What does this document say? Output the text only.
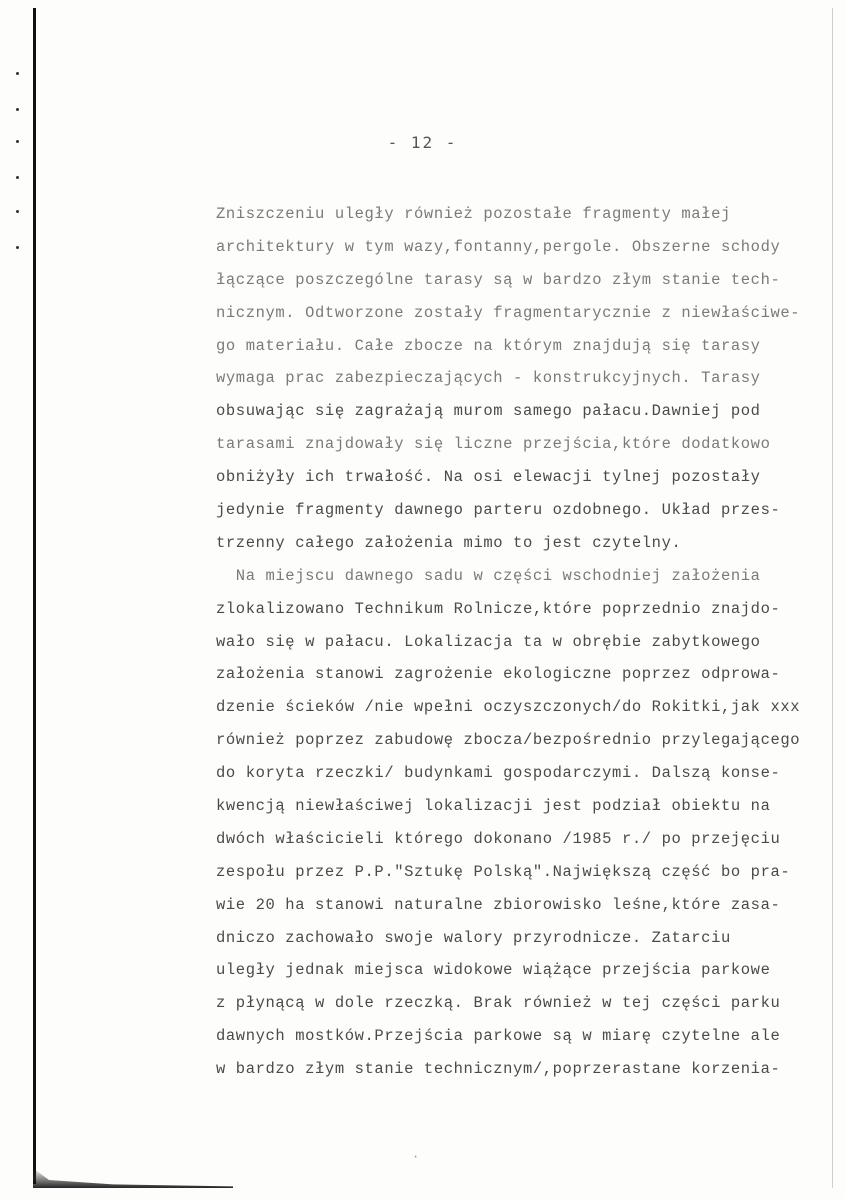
- 12 -
Zniszczeniu uległy również pozostałe fragmenty małej
architektury w tym wazy,fontanny,pergole. Obszerne schody
łączące poszczególne tarasy są w bardzo złym stanie tech-
nicznym. Odtworzone zostały fragmentarycznie z niewłaściwe-
go materiału. Całe zbocze na którym znajdują się tarasy
wymaga prac zabezpieczających - konstrukcyjnych. Tarasy
obsuwając się zagrażają murom samego pałacu.Dawniej pod
tarasami znajdowały się liczne przejścia,które dodatkowo
obniżyły ich trwałość. Na osi elewacji tylnej pozostały
jedynie fragmenty dawnego parteru ozdobnego. Układ przes-
trzenny całego założenia mimo to jest czytelny.
Na miejscu dawnego sadu w części wschodniej założenia
zlokalizowano Technikum Rolnicze,które poprzednio znajdo-
wało się w pałacu. Lokalizacja ta w obrębie zabytkowego
założenia stanowi zagrożenie ekologiczne poprzez odprowa-
dzenie ścieków /nie wpełni oczyszczonych/do Rokitki,jak xxx
również poprzez zabudowę zbocza/bezpośrednio przylegającego
do koryta rzeczki/ budynkami gospodarczymi. Dalszą konse-
kwencją niewłaściwej lokalizacji jest podział obiektu na
dwóch właścicieli którego dokonano /1985 r./ po przejęciu
zespołu przez P.P."Sztukę Polską".Największą część bo pra-
wie 20 ha stanowi naturalne zbiorowisko leśne,które zasa-
dniczo zachowało swoje walory przyrodnicze. Zatarciu
uległy jednak miejsca widokowe wiążące przejścia parkowe
z płynącą w dole rzeczką. Brak również w tej części parku
dawnych mostków.Przejścia parkowe są w miarę czytelne ale
w bardzo złym stanie technicznym/,poprzerastane korzenia-
·
